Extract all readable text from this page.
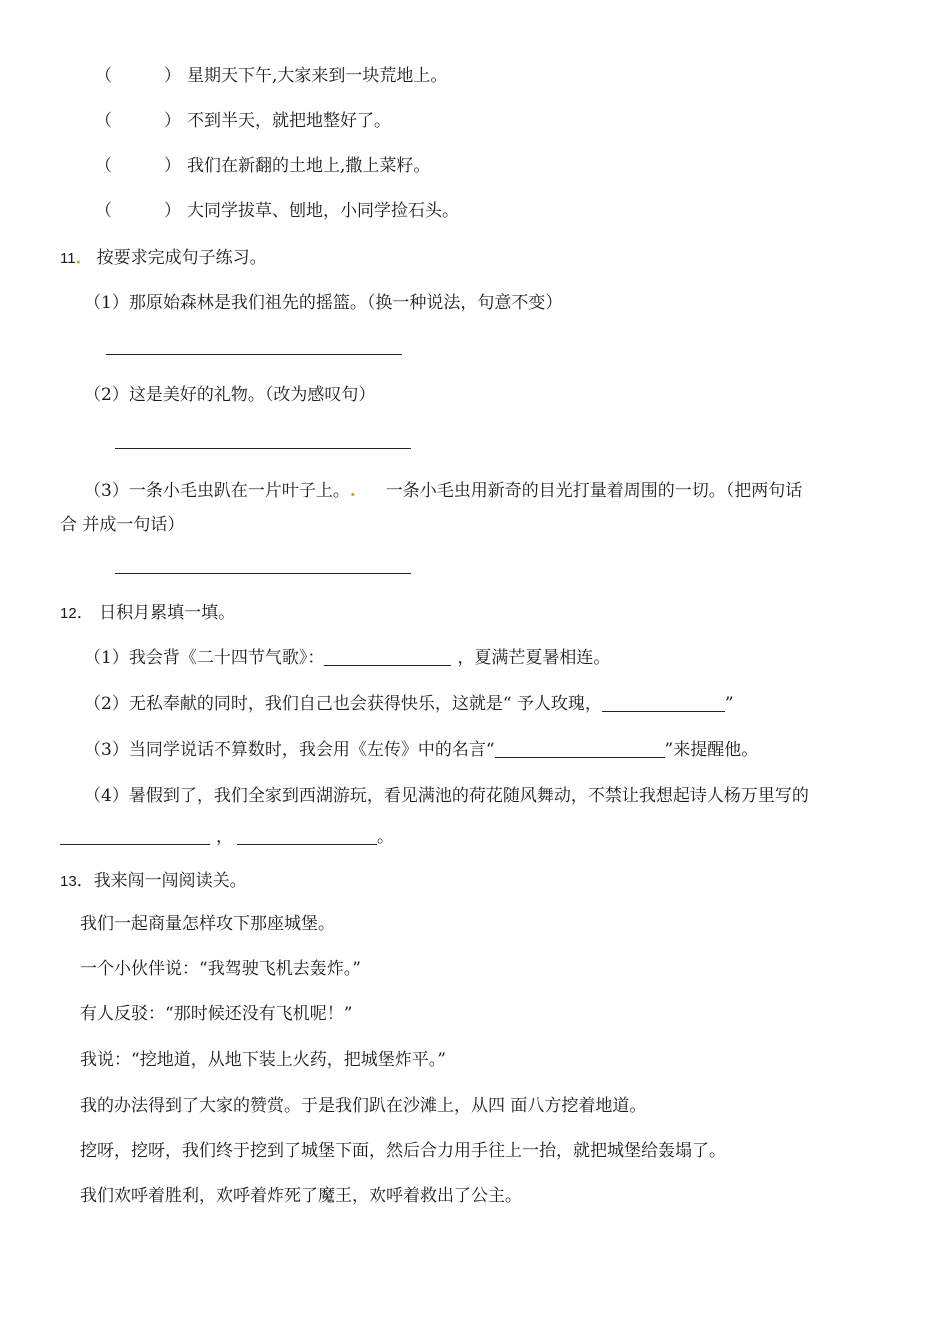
（	） 星期天下午,大家来到一块荒地上。
（	） 不到半天，就把地整好了。
（	） 我们在新翻的土地上,撒上菜籽。
（	） 大同学拔草、刨地，小同学捡石头。
11． 按要求完成句子练习。
（1）那原始森林是我们祖先的摇篮。（换一种说法，句意不变）
（2）这是美好的礼物。（改为感叹句）
（3）一条小毛虫趴在一片叶子上。. 一条小毛虫用新奇的目光打量着周围的一切。（把两句话
合 并成一句话）
12． 日积月累填一填。
（1）我会背《二十四节气歌》：	，夏满芒夏暑相连。
（2）无私奉献的同时，我们自己也会获得快乐，这就是“ 予人玫瑰，	”
（3）当同学说话不算数时，我会用《左传》中的名言“	”来提醒他。
（4）暑假到了，我们全家到西湖游玩，看见满池的荷花随风舞动，不禁让我想起诗人杨万里写的
，	。
13．我来闯一闯阅读关。
我们一起商量怎样攻下那座城堡。
一个小伙伴说：“我驾驶飞机去轰炸。”
有人反驳：“那时候还没有飞机呢！”
我说：“挖地道，从地下装上火药，把城堡炸平。”
我的办法得到了大家的赞赏。于是我们趴在沙滩上，从四 面八方挖着地道。
挖呀，挖呀，我们终于挖到了城堡下面，然后合力用手往上一抬，就把城堡给轰塌了。
我们欢呼着胜利，欢呼着炸死了魔王，欢呼着救出了公主。
